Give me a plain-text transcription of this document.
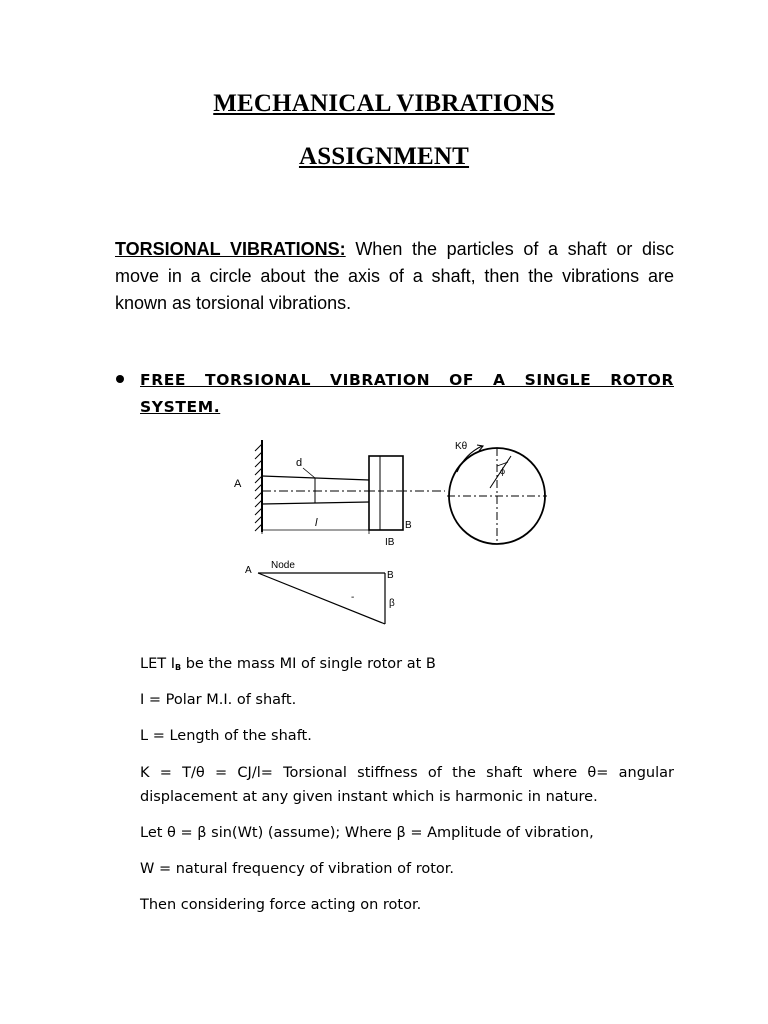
MECHANICAL VIBRATIONS
ASSIGNMENT
TORSIONAL VIBRATIONS: When the particles of a shaft or disc move in a circle about the axis of a shaft, then the vibrations are known as torsional vibrations.
FREE TORSIONAL VIBRATION OF A SINGLE ROTOR SYSTEM.
A
d
B
IB
l
ϕ
Kθ
A Node
-
B
β
LET $I_B$ be the mass MI of single rotor at B
I = Polar M.I. of shaft.
L = Length of the shaft.
K = T/θ = CJ/l= Torsional stiffness of the shaft where θ= angular displacement at any given instant which is harmonic in nature.
Let θ = β sin(Wt) (assume); Where β = Amplitude of vibration,
W = natural frequency of vibration of rotor.
Then considering force acting on rotor.
